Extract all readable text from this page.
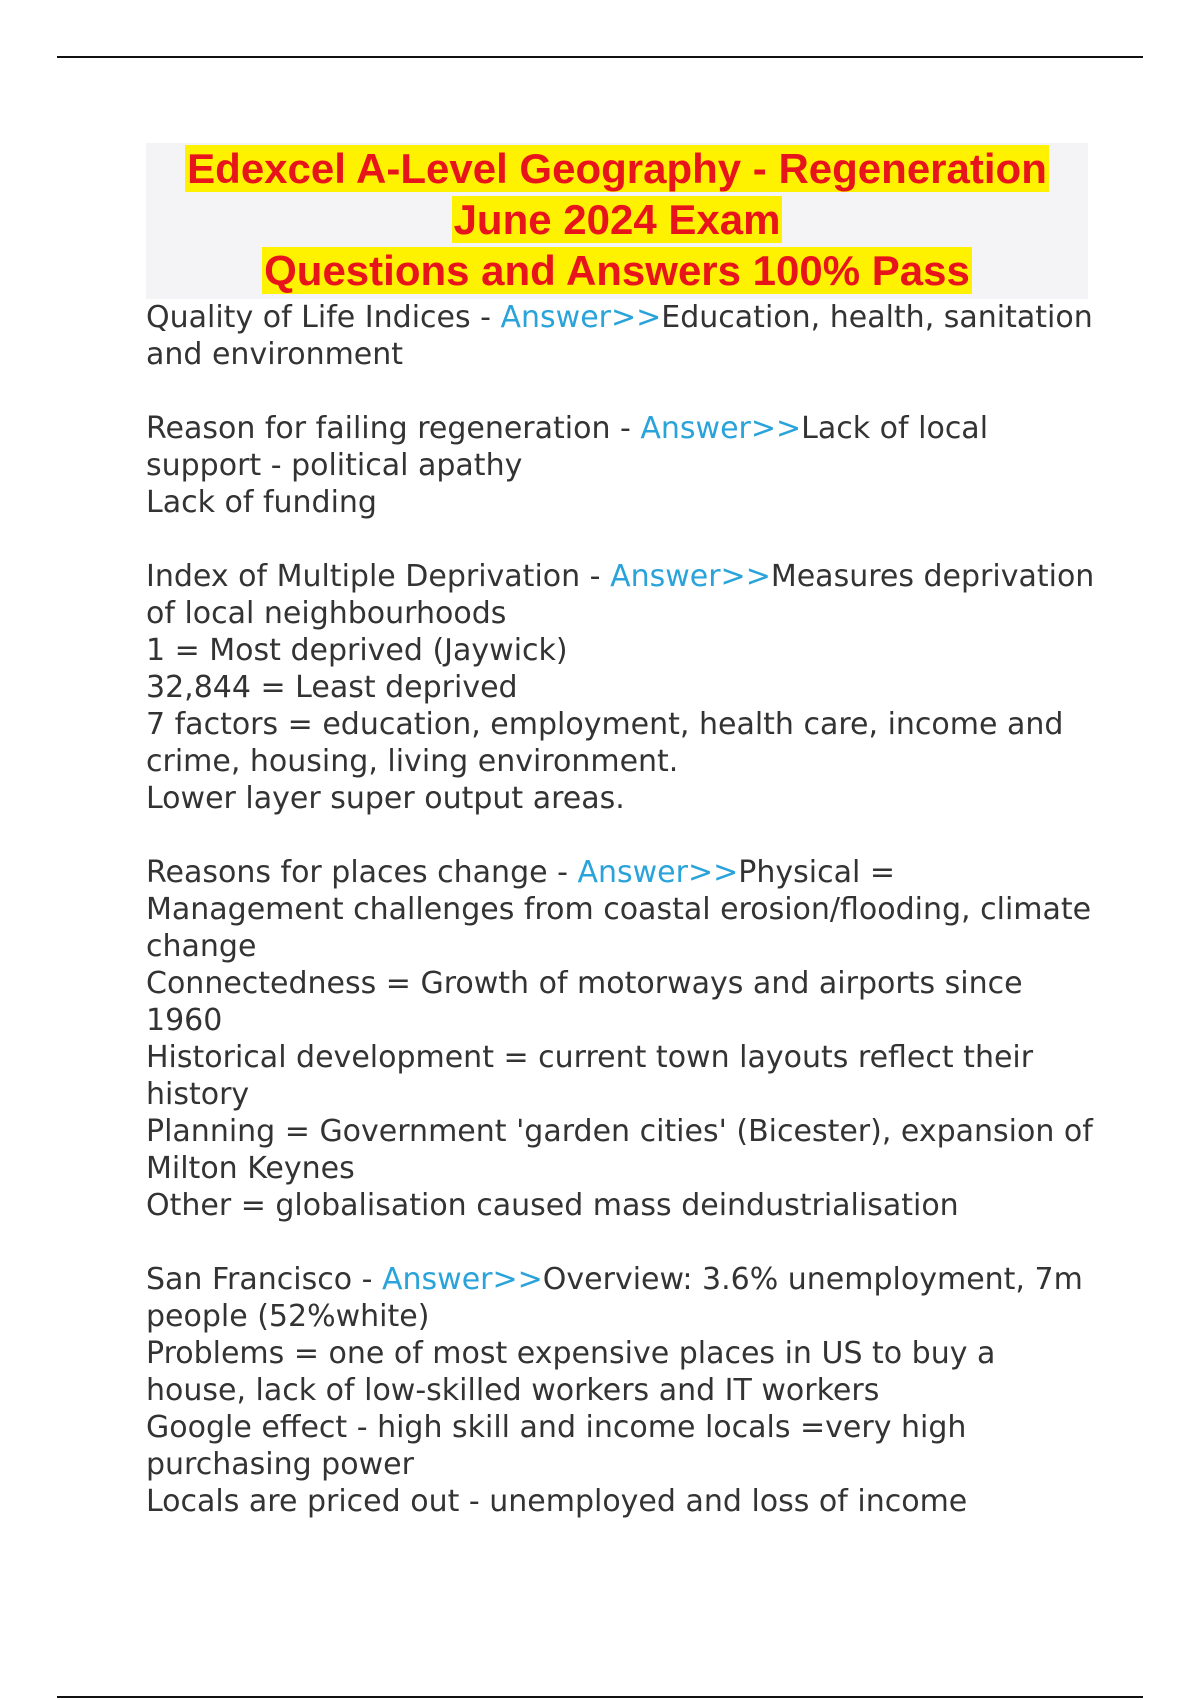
Edexcel A-Level Geography - Regeneration
June 2024 Exam
Questions and Answers 100% Pass
Quality of Life Indices - Answer>>Education, health, sanitation and environment
Reason for failing regeneration - Answer>>Lack of local support - political apathy
Lack of funding
Index of Multiple Deprivation - Answer>>Measures deprivation of local neighbourhoods
1 = Most deprived (Jaywick)
32,844 = Least deprived
7 factors = education, employment, health care, income and crime, housing, living environment.
Lower layer super output areas.
Reasons for places change - Answer>>Physical = Management challenges from coastal erosion/flooding, climate change
Connectedness = Growth of motorways and airports since 1960
Historical development = current town layouts reflect their history
Planning = Government 'garden cities' (Bicester), expansion of Milton Keynes
Other = globalisation caused mass deindustrialisation
San Francisco - Answer>>Overview: 3.6% unemployment, 7m people (52%white)
Problems = one of most expensive places in US to buy a house, lack of low-skilled workers and IT workers
Google effect - high skill and income locals =very high purchasing power
Locals are priced out - unemployed and loss of income
